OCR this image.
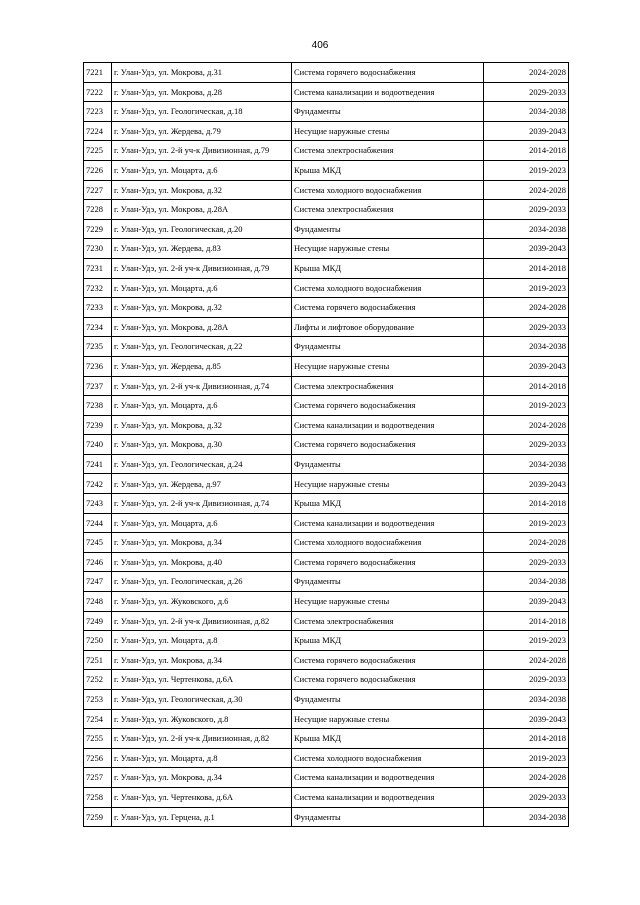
406
7221	г. Улан-Удэ, ул. Мокрова, д.31	Система горячего водоснабжения	2024-2028
7222	г. Улан-Удэ, ул. Мокрова, д.28	Система канализации и водоотведения	2029-2033
7223	г. Улан-Удэ, ул. Геологическая, д.18	Фундаменты	2034-2038
7224	г. Улан-Удэ, ул. Жердева, д.79	Несущие наружные стены	2039-2043
7225	г. Улан-Удэ, ул. 2-й уч-к Дивизионная, д.79	Система электроснабжения	2014-2018
7226	г. Улан-Удэ, ул. Моцарта, д.6	Крыша МКД	2019-2023
7227	г. Улан-Удэ, ул. Мокрова, д.32	Система холодного водоснабжения	2024-2028
7228	г. Улан-Удэ, ул. Мокрова, д.28А	Система электроснабжения	2029-2033
7229	г. Улан-Удэ, ул. Геологическая, д.20	Фундаменты	2034-2038
7230	г. Улан-Удэ, ул. Жердева, д.83	Несущие наружные стены	2039-2043
7231	г. Улан-Удэ, ул. 2-й уч-к Дивизионная, д.79	Крыша МКД	2014-2018
7232	г. Улан-Удэ, ул. Моцарта, д.6	Система холодного водоснабжения	2019-2023
7233	г. Улан-Удэ, ул. Мокрова, д.32	Система горячего водоснабжения	2024-2028
7234	г. Улан-Удэ, ул. Мокрова, д.28А	Лифты и лифтовое оборудование	2029-2033
7235	г. Улан-Удэ, ул. Геологическая, д.22	Фундаменты	2034-2038
7236	г. Улан-Удэ, ул. Жердева, д.85	Несущие наружные стены	2039-2043
7237	г. Улан-Удэ, ул. 2-й уч-к Дивизионная, д.74	Система электроснабжения	2014-2018
7238	г. Улан-Удэ, ул. Моцарта, д.6	Система горячего водоснабжения	2019-2023
7239	г. Улан-Удэ, ул. Мокрова, д.32	Система канализации и водоотведения	2024-2028
7240	г. Улан-Удэ, ул. Мокрова, д.30	Система горячего водоснабжения	2029-2033
7241	г. Улан-Удэ, ул. Геологическая, д.24	Фундаменты	2034-2038
7242	г. Улан-Удэ, ул. Жердева, д.97	Несущие наружные стены	2039-2043
7243	г. Улан-Удэ, ул. 2-й уч-к Дивизионная, д.74	Крыша МКД	2014-2018
7244	г. Улан-Удэ, ул. Моцарта, д.6	Система канализации и водоотведения	2019-2023
7245	г. Улан-Удэ, ул. Мокрова, д.34	Система холодного водоснабжения	2024-2028
7246	г. Улан-Удэ, ул. Мокрова, д.40	Система горячего водоснабжения	2029-2033
7247	г. Улан-Удэ, ул. Геологическая, д.26	Фундаменты	2034-2038
7248	г. Улан-Удэ, ул. Жуковского, д.6	Несущие наружные стены	2039-2043
7249	г. Улан-Удэ, ул. 2-й уч-к Дивизионная, д.82	Система электроснабжения	2014-2018
7250	г. Улан-Удэ, ул. Моцарта, д.8	Крыша МКД	2019-2023
7251	г. Улан-Удэ, ул. Мокрова, д.34	Система горячего водоснабжения	2024-2028
7252	г. Улан-Удэ, ул. Чертенкова, д.6А	Система горячего водоснабжения	2029-2033
7253	г. Улан-Удэ, ул. Геологическая, д.30	Фундаменты	2034-2038
7254	г. Улан-Удэ, ул. Жуковского, д.8	Несущие наружные стены	2039-2043
7255	г. Улан-Удэ, ул. 2-й уч-к Дивизионная, д.82	Крыша МКД	2014-2018
7256	г. Улан-Удэ, ул. Моцарта, д.8	Система холодного водоснабжения	2019-2023
7257	г. Улан-Удэ, ул. Мокрова, д.34	Система канализации и водоотведения	2024-2028
7258	г. Улан-Удэ, ул. Чертенкова, д.6А	Система канализации и водоотведения	2029-2033
7259	г. Улан-Удэ, ул. Герцена, д.1	Фундаменты	2034-2038
